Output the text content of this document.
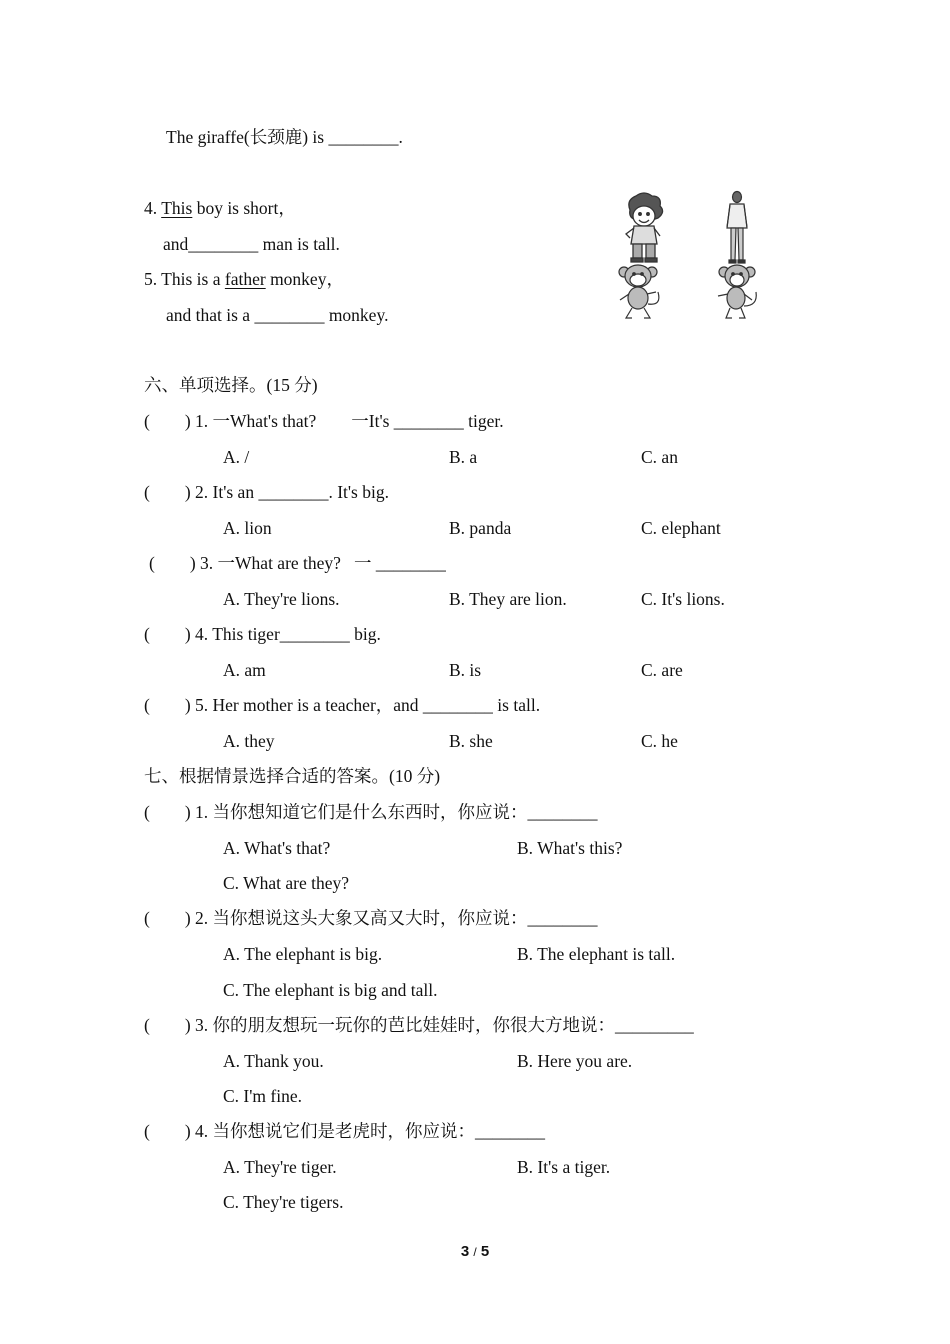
The giraffe(长颈鹿) is ________.
4. This boy is short，
and________ man is tall.
5. This is a father monkey，
and that is a ________ monkey.
六、单项选择。(15 分)
(        ) 1. 一What's that?        一It's ________ tiger.
A. /	B. a	C. an
(        ) 2. It's an ________. It's big.
A. lion	B. panda	C. elephant
(        ) 3. 一What are they?   一 ________
A. They're lions.	B. They are lion.	C. It's lions.
(        ) 4. This tiger________ big.
A. am	B. is	C. are
(        ) 5. Her mother is a teacher，and ________ is tall.
A. they	B. she	C. he
七、根据情景选择合适的答案。(10 分)
(        ) 1. 当你想知道它们是什么东西时，你应说：________
A. What's that?	B. What's this?
C. What are they?
(        ) 2. 当你想说这头大象又高又大时，你应说：________
A. The elephant is big.	B. The elephant is tall.
C. The elephant is big and tall.
(        ) 3. 你的朋友想玩一玩你的芭比娃娃时，你很大方地说：_________
A. Thank you.	B. Here you are.
C. I'm fine.
(        ) 4. 当你想说它们是老虎时，你应说：________
A. They're tiger.	B. It's a tiger.
C. They're tigers.
3 / 5
